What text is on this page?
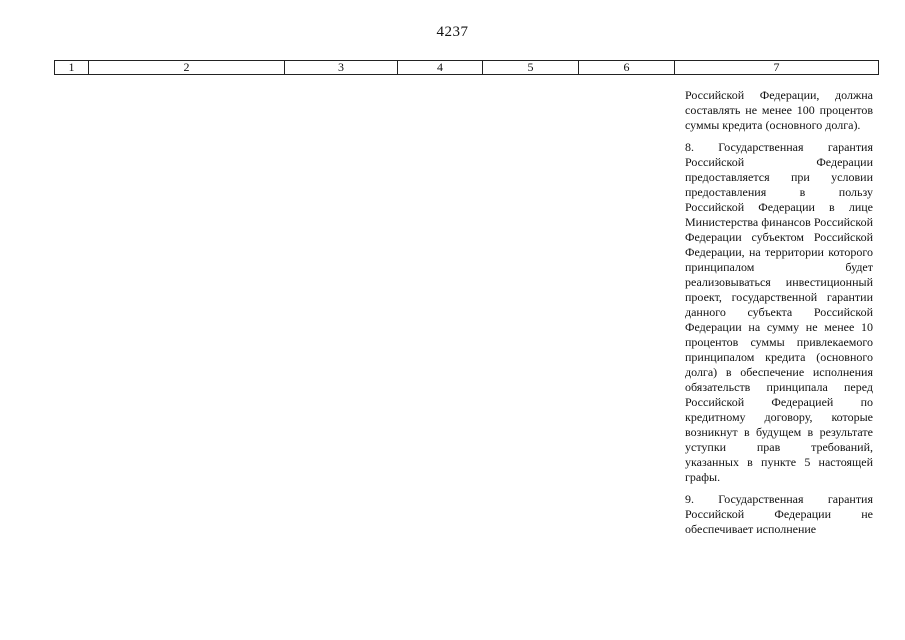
4237
1	2	3	4	5	6	7

Российской Федерации, должна составлять не менее 100 процентов суммы кредита (основного долга).

8. Государственная гарантия Российской Федерации предоставляется при условии предоставления в пользу Российской Федерации в лице Министерства финансов Российской Федерации субъектом Российской Федерации, на территории которого принципалом будет реализовываться инвестиционный проект, государственной гарантии данного субъекта Российской Федерации на сумму не менее 10 процентов суммы привлекаемого принципалом кредита (основного долга) в обеспечение исполнения обязательств принципала перед Российской Федерацией по кредитному договору, которые возникнут в будущем в результате уступки прав требований, указанных в пункте 5 настоящей графы.

9. Государственная гарантия Российской Федерации не обеспечивает исполнение
